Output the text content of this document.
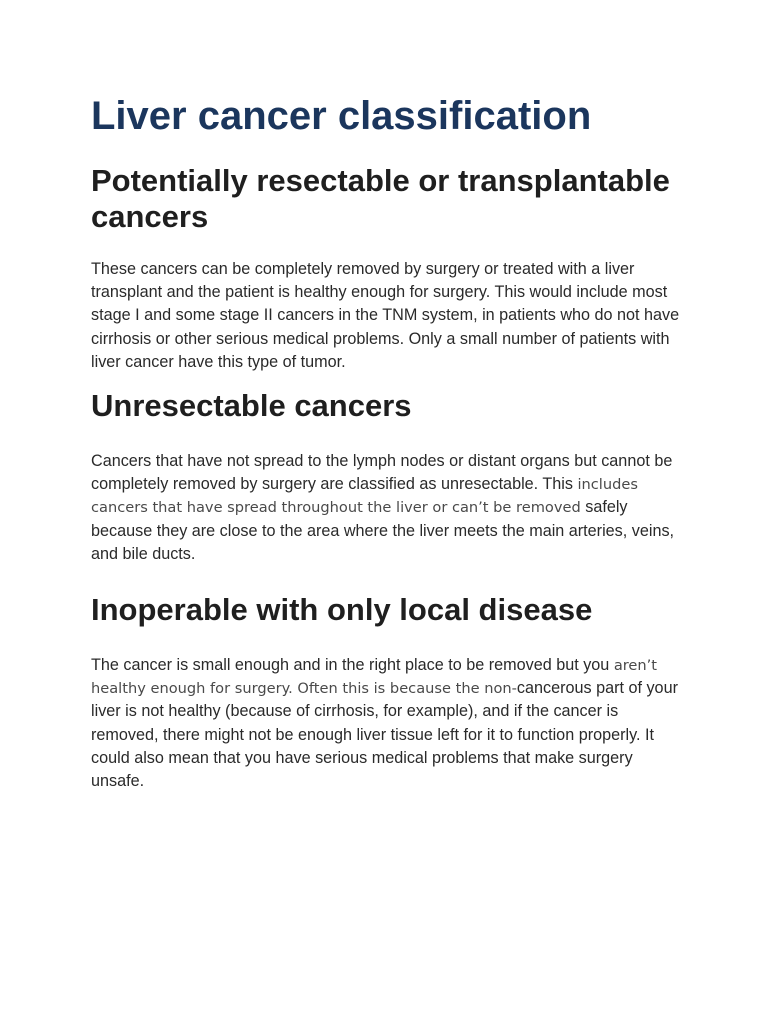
Liver cancer classification
Potentially resectable or transplantable cancers

These cancers can be completely removed by surgery or treated with a liver transplant and the patient is healthy enough for surgery. This would include most stage I and some stage II cancers in the TNM system, in patients who do not have cirrhosis or other serious medical problems. Only a small number of patients with liver cancer have this type of tumor.

Unresectable cancers

Cancers that have not spread to the lymph nodes or distant organs but cannot be completely removed by surgery are classified as unresectable. This includes cancers that have spread throughout the liver or can’t be removed safely because they are close to the area where the liver meets the main arteries, veins, and bile ducts.

Inoperable with only local disease

The cancer is small enough and in the right place to be removed but you aren’t healthy enough for surgery. Often this is because the non-cancerous part of your liver is not healthy (because of cirrhosis, for example), and if the cancer is removed, there might not be enough liver tissue left for it to function properly. It could also mean that you have serious medical problems that make surgery unsafe.
